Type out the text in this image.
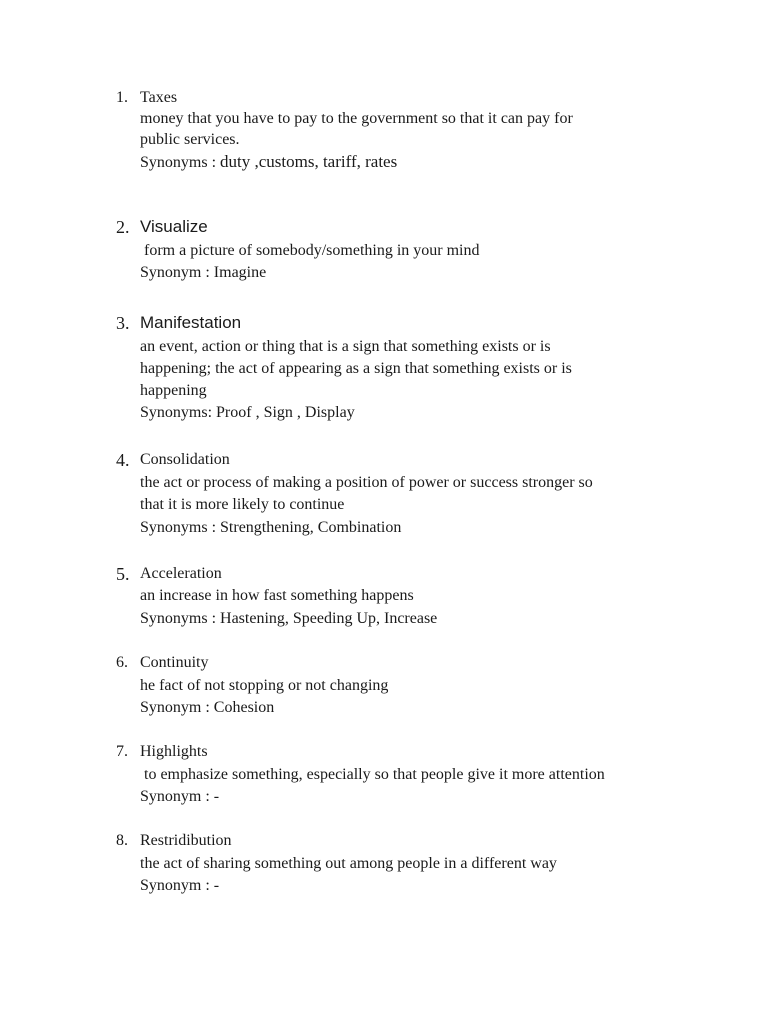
1. Taxes
money that you have to pay to the government so that it can pay for
public services.
Synonyms : duty ,customs, tariff, rates
2. Visualize
form a picture of somebody/something in your mind
Synonym : Imagine
3. Manifestation
an event, action or thing that is a sign that something exists or is
happening; the act of appearing as a sign that something exists or is
happening
Synonyms: Proof , Sign , Display
4. Consolidation
the act or process of making a position of power or success stronger so
that it is more likely to continue
Synonyms : Strengthening, Combination
5. Acceleration
an increase in how fast something happens
Synonyms : Hastening, Speeding Up, Increase
6. Continuity
he fact of not stopping or not changing
Synonym : Cohesion
7. Highlights
to emphasize something, especially so that people give it more attention
Synonym : -
8. Restridibution
the act of sharing something out among people in a different way
Synonym : -
